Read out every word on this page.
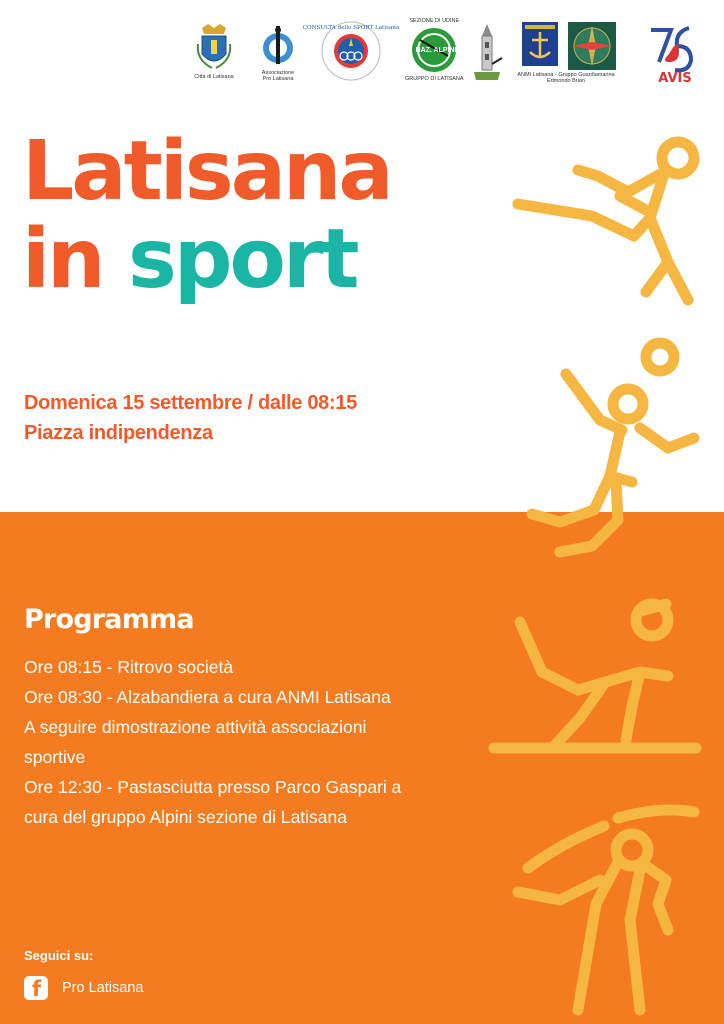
Città di Latisana
Associazione
Pro Latisana
CONSULTA dello SPORT Latisana
SEZIONE DI UDINE
NAZ. ALPINI
GRUPPO DI LATISANA
ANMI Latisana - Gruppo Guardiamarina
Edmondo Brian	AVIS
Latisana
in sport
Domenica 15 settembre / dalle 08:15
Piazza indipendenza
Programma
Ore 08:15 - Ritrovo società
Ore 08:30 - Alzabandiera a cura ANMI Latisana
A seguire dimostrazione attività associazioni
sportive
Ore 12:30 - Pastasciutta presso Parco Gaspari a
cura del gruppo Alpini sezione di Latisana
Seguici su:
f Pro Latisana
